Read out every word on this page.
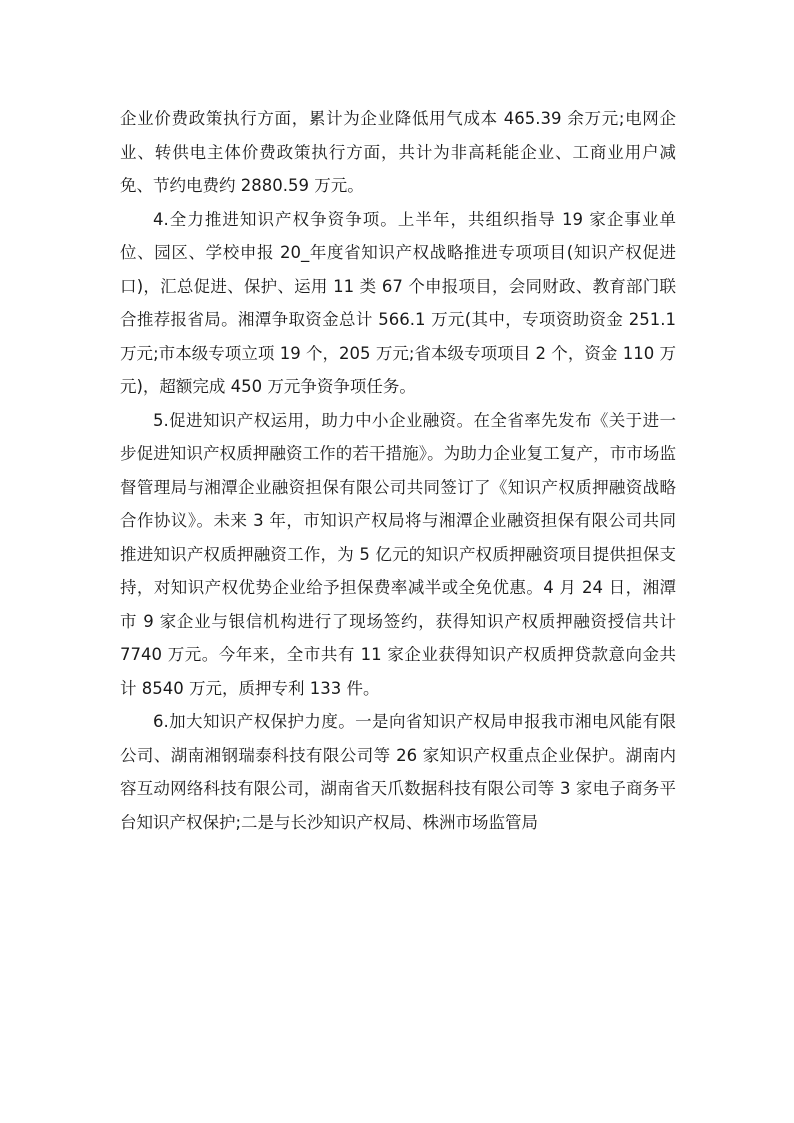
企业价费政策执行方面，累计为企业降低用气成本 465.39 余万元;电网企业、转供电主体价费政策执行方面，共计为非高耗能企业、工商业用户减免、节约电费约 2880.59 万元。

4.全力推进知识产权争资争项。上半年，共组织指导 19 家企事业单位、园区、学校申报 20_年度省知识产权战略推进专项项目(知识产权促进口)，汇总促进、保护、运用 11 类 67 个申报项目，会同财政、教育部门联合推荐报省局。湘潭争取资金总计 566.1 万元(其中，专项资助资金 251.1 万元;市本级专项立项 19 个，205 万元;省本级专项项目 2 个，资金 110 万元)，超额完成 450 万元争资争项任务。

5.促进知识产权运用，助力中小企业融资。在全省率先发布《关于进一步促进知识产权质押融资工作的若干措施》。为助力企业复工复产，市市场监督管理局与湘潭企业融资担保有限公司共同签订了《知识产权质押融资战略合作协议》。未来 3 年，市知识产权局将与湘潭企业融资担保有限公司共同推进知识产权质押融资工作，为 5 亿元的知识产权质押融资项目提供担保支持，对知识产权优势企业给予担保费率减半或全免优惠。4 月 24 日，湘潭市 9 家企业与银信机构进行了现场签约，获得知识产权质押融资授信共计 7740 万元。今年来，全市共有 11 家企业获得知识产权质押贷款意向金共计 8540 万元，质押专利 133 件。

6.加大知识产权保护力度。一是向省知识产权局申报我市湘电风能有限公司、湖南湘钢瑞泰科技有限公司等 26 家知识产权重点企业保护。湖南内容互动网络科技有限公司，湖南省天爪数据科技有限公司等 3 家电子商务平台知识产权保护;二是与长沙知识产权局、株洲市场监管局
